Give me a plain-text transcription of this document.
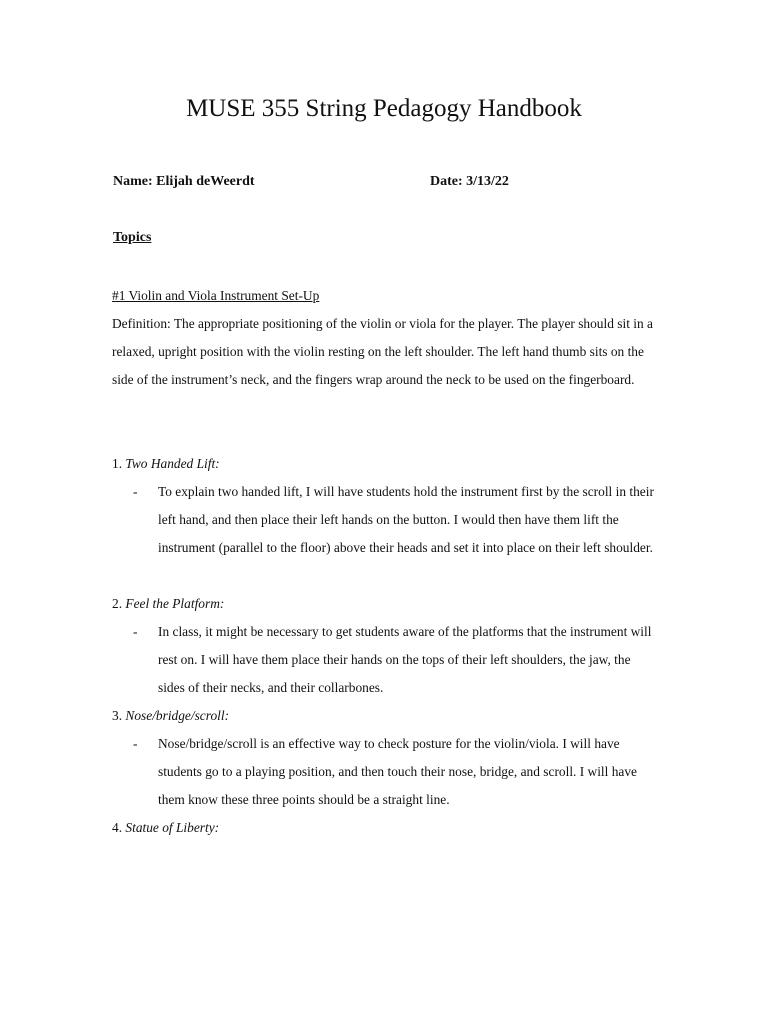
MUSE 355 String Pedagogy Handbook
Name: Elijah deWeerdt	Date: 3/13/22
Topics
#1 Violin and Viola Instrument Set-Up
Definition: The appropriate positioning of the violin or viola for the player. The player should sit in a relaxed, upright position with the violin resting on the left shoulder. The left hand thumb sits on the side of the instrument’s neck, and the fingers wrap around the neck to be used on the fingerboard.
1. Two Handed Lift:
- To explain two handed lift, I will have students hold the instrument first by the scroll in their left hand, and then place their left hands on the button. I would then have them lift the instrument (parallel to the floor) above their heads and set it into place on their left shoulder.
2. Feel the Platform:
- In class, it might be necessary to get students aware of the platforms that the instrument will rest on. I will have them place their hands on the tops of their left shoulders, the jaw, the sides of their necks, and their collarbones.
3. Nose/bridge/scroll:
- Nose/bridge/scroll is an effective way to check posture for the violin/viola. I will have students go to a playing position, and then touch their nose, bridge, and scroll. I will have them know these three points should be a straight line.
4. Statue of Liberty:
